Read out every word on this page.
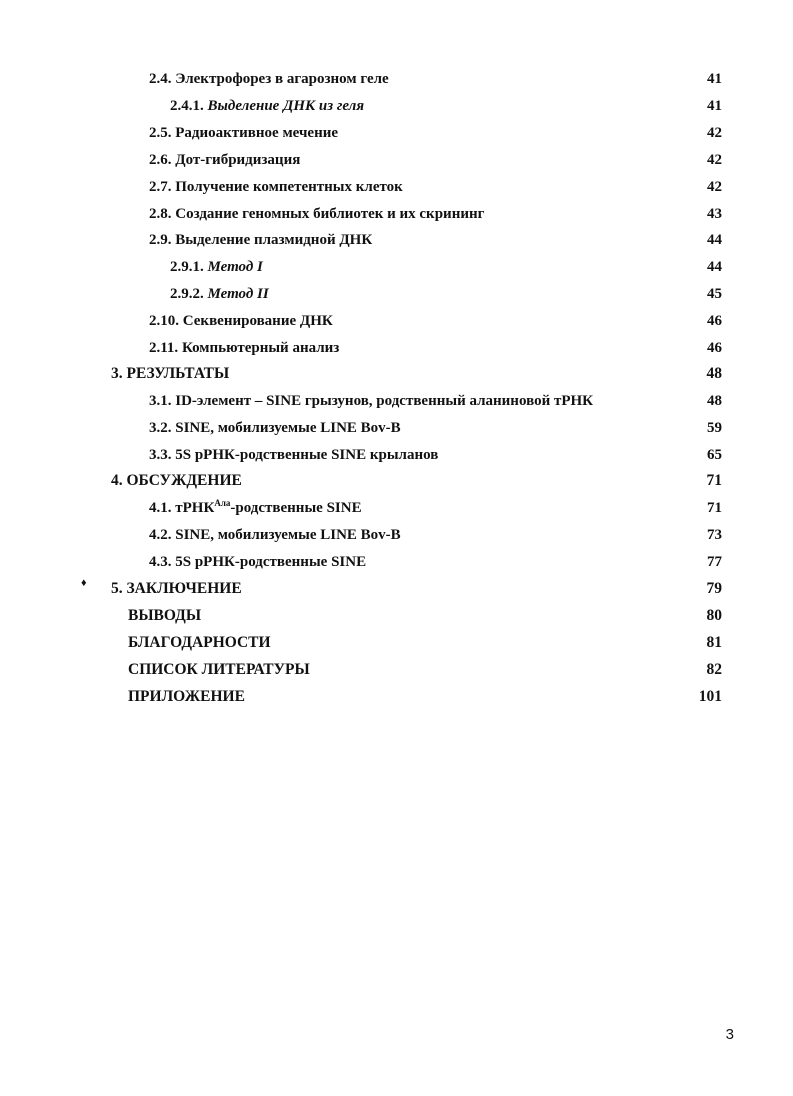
2.4. Электрофорез в агарозном геле	41
2.4.1. Выделение ДНК из геля	41
2.5. Радиоактивное мечение	42
2.6. Дот-гибридизация	42
2.7. Получение компетентных клеток	42
2.8. Создание геномных библиотек и их скрининг	43
2.9. Выделение плазмидной ДНК	44
2.9.1. Метод I	44
2.9.2. Метод II	45
2.10. Секвенирование ДНК	46
2.11. Компьютерный анализ	46
3. РЕЗУЛЬТАТЫ	48
3.1. ID-элемент – SINE грызунов, родственный аланиновой тРНК	48
3.2. SINE, мобилизуемые LINE Bov-B	59
3.3. 5S рРНК-родственные SINE крыланов	65
4. ОБСУЖДЕНИЕ	71
4.1. тРНК$^{Ала}$-родственные SINE	71
4.2. SINE, мобилизуемые LINE Bov-B	73
4.3. 5S рРНК-родственные SINE	77
5. ЗАКЛЮЧЕНИЕ	79
ВЫВОДЫ	80
БЛАГОДАРНОСТИ	81
СПИСОК ЛИТЕРАТУРЫ	82
ПРИЛОЖЕНИЕ	101
♦
3
